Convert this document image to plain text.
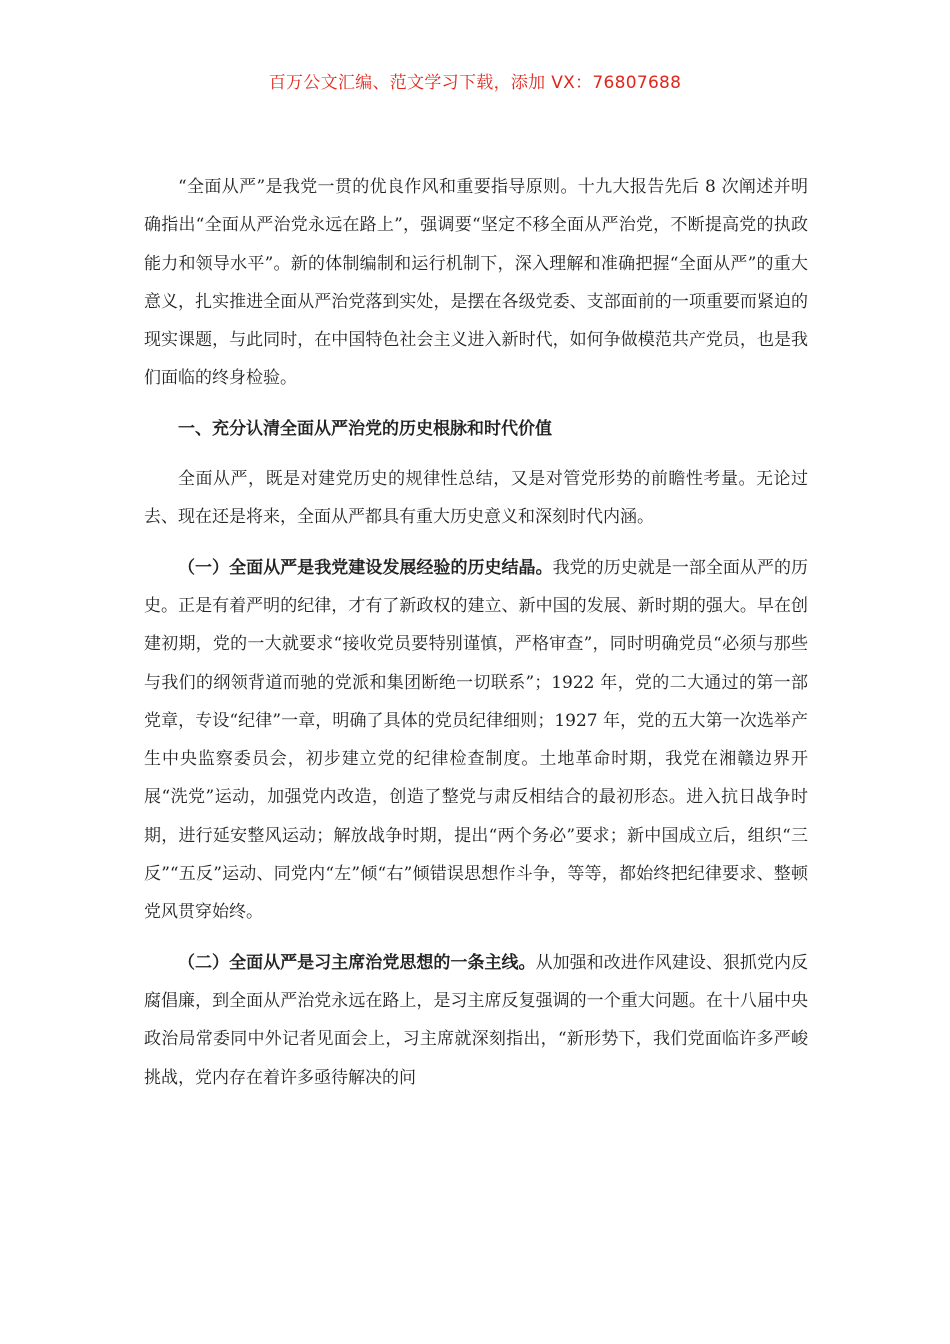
百万公文汇编、范文学习下载，添加 VX：76807688

“全面从严”是我党一贯的优良作风和重要指导原则。十九大报告先后 8 次阐述并明确指出“全面从严治党永远在路上”，强调要“坚定不移全面从严治党，不断提高党的执政能力和领导水平”。新的体制编制和运行机制下，深入理解和准确把握“全面从严”的重大意义，扎实推进全面从严治党落到实处，是摆在各级党委、支部面前的一项重要而紧迫的现实课题，与此同时，在中国特色社会主义进入新时代，如何争做模范共产党员，也是我们面临的终身检验。

一、充分认清全面从严治党的历史根脉和时代价值

全面从严，既是对建党历史的规律性总结，又是对管党形势的前瞻性考量。无论过去、现在还是将来，全面从严都具有重大历史意义和深刻时代内涵。

（一）全面从严是我党建设发展经验的历史结晶。我党的历史就是一部全面从严的历史。正是有着严明的纪律，才有了新政权的建立、新中国的发展、新时期的强大。早在创建初期，党的一大就要求“接收党员要特别谨慎，严格审查”，同时明确党员“必须与那些与我们的纲领背道而驰的党派和集团断绝一切联系”；1922 年，党的二大通过的第一部党章，专设“纪律”一章，明确了具体的党员纪律细则；1927 年，党的五大第一次选举产生中央监察委员会，初步建立党的纪律检查制度。土地革命时期，我党在湘赣边界开展“洗党”运动，加强党内改造，创造了整党与肃反相结合的最初形态。进入抗日战争时期，进行延安整风运动；解放战争时期，提出“两个务必”要求；新中国成立后，组织“三反”“五反”运动、同党内“左”倾“右”倾错误思想作斗争，等等，都始终把纪律要求、整顿党风贯穿始终。

（二）全面从严是习主席治党思想的一条主线。从加强和改进作风建设、狠抓党内反腐倡廉，到全面从严治党永远在路上，是习主席反复强调的一个重大问题。在十八届中央政治局常委同中外记者见面会上，习主席就深刻指出，“新形势下，我们党面临许多严峻挑战，党内存在着许多亟待解决的问
